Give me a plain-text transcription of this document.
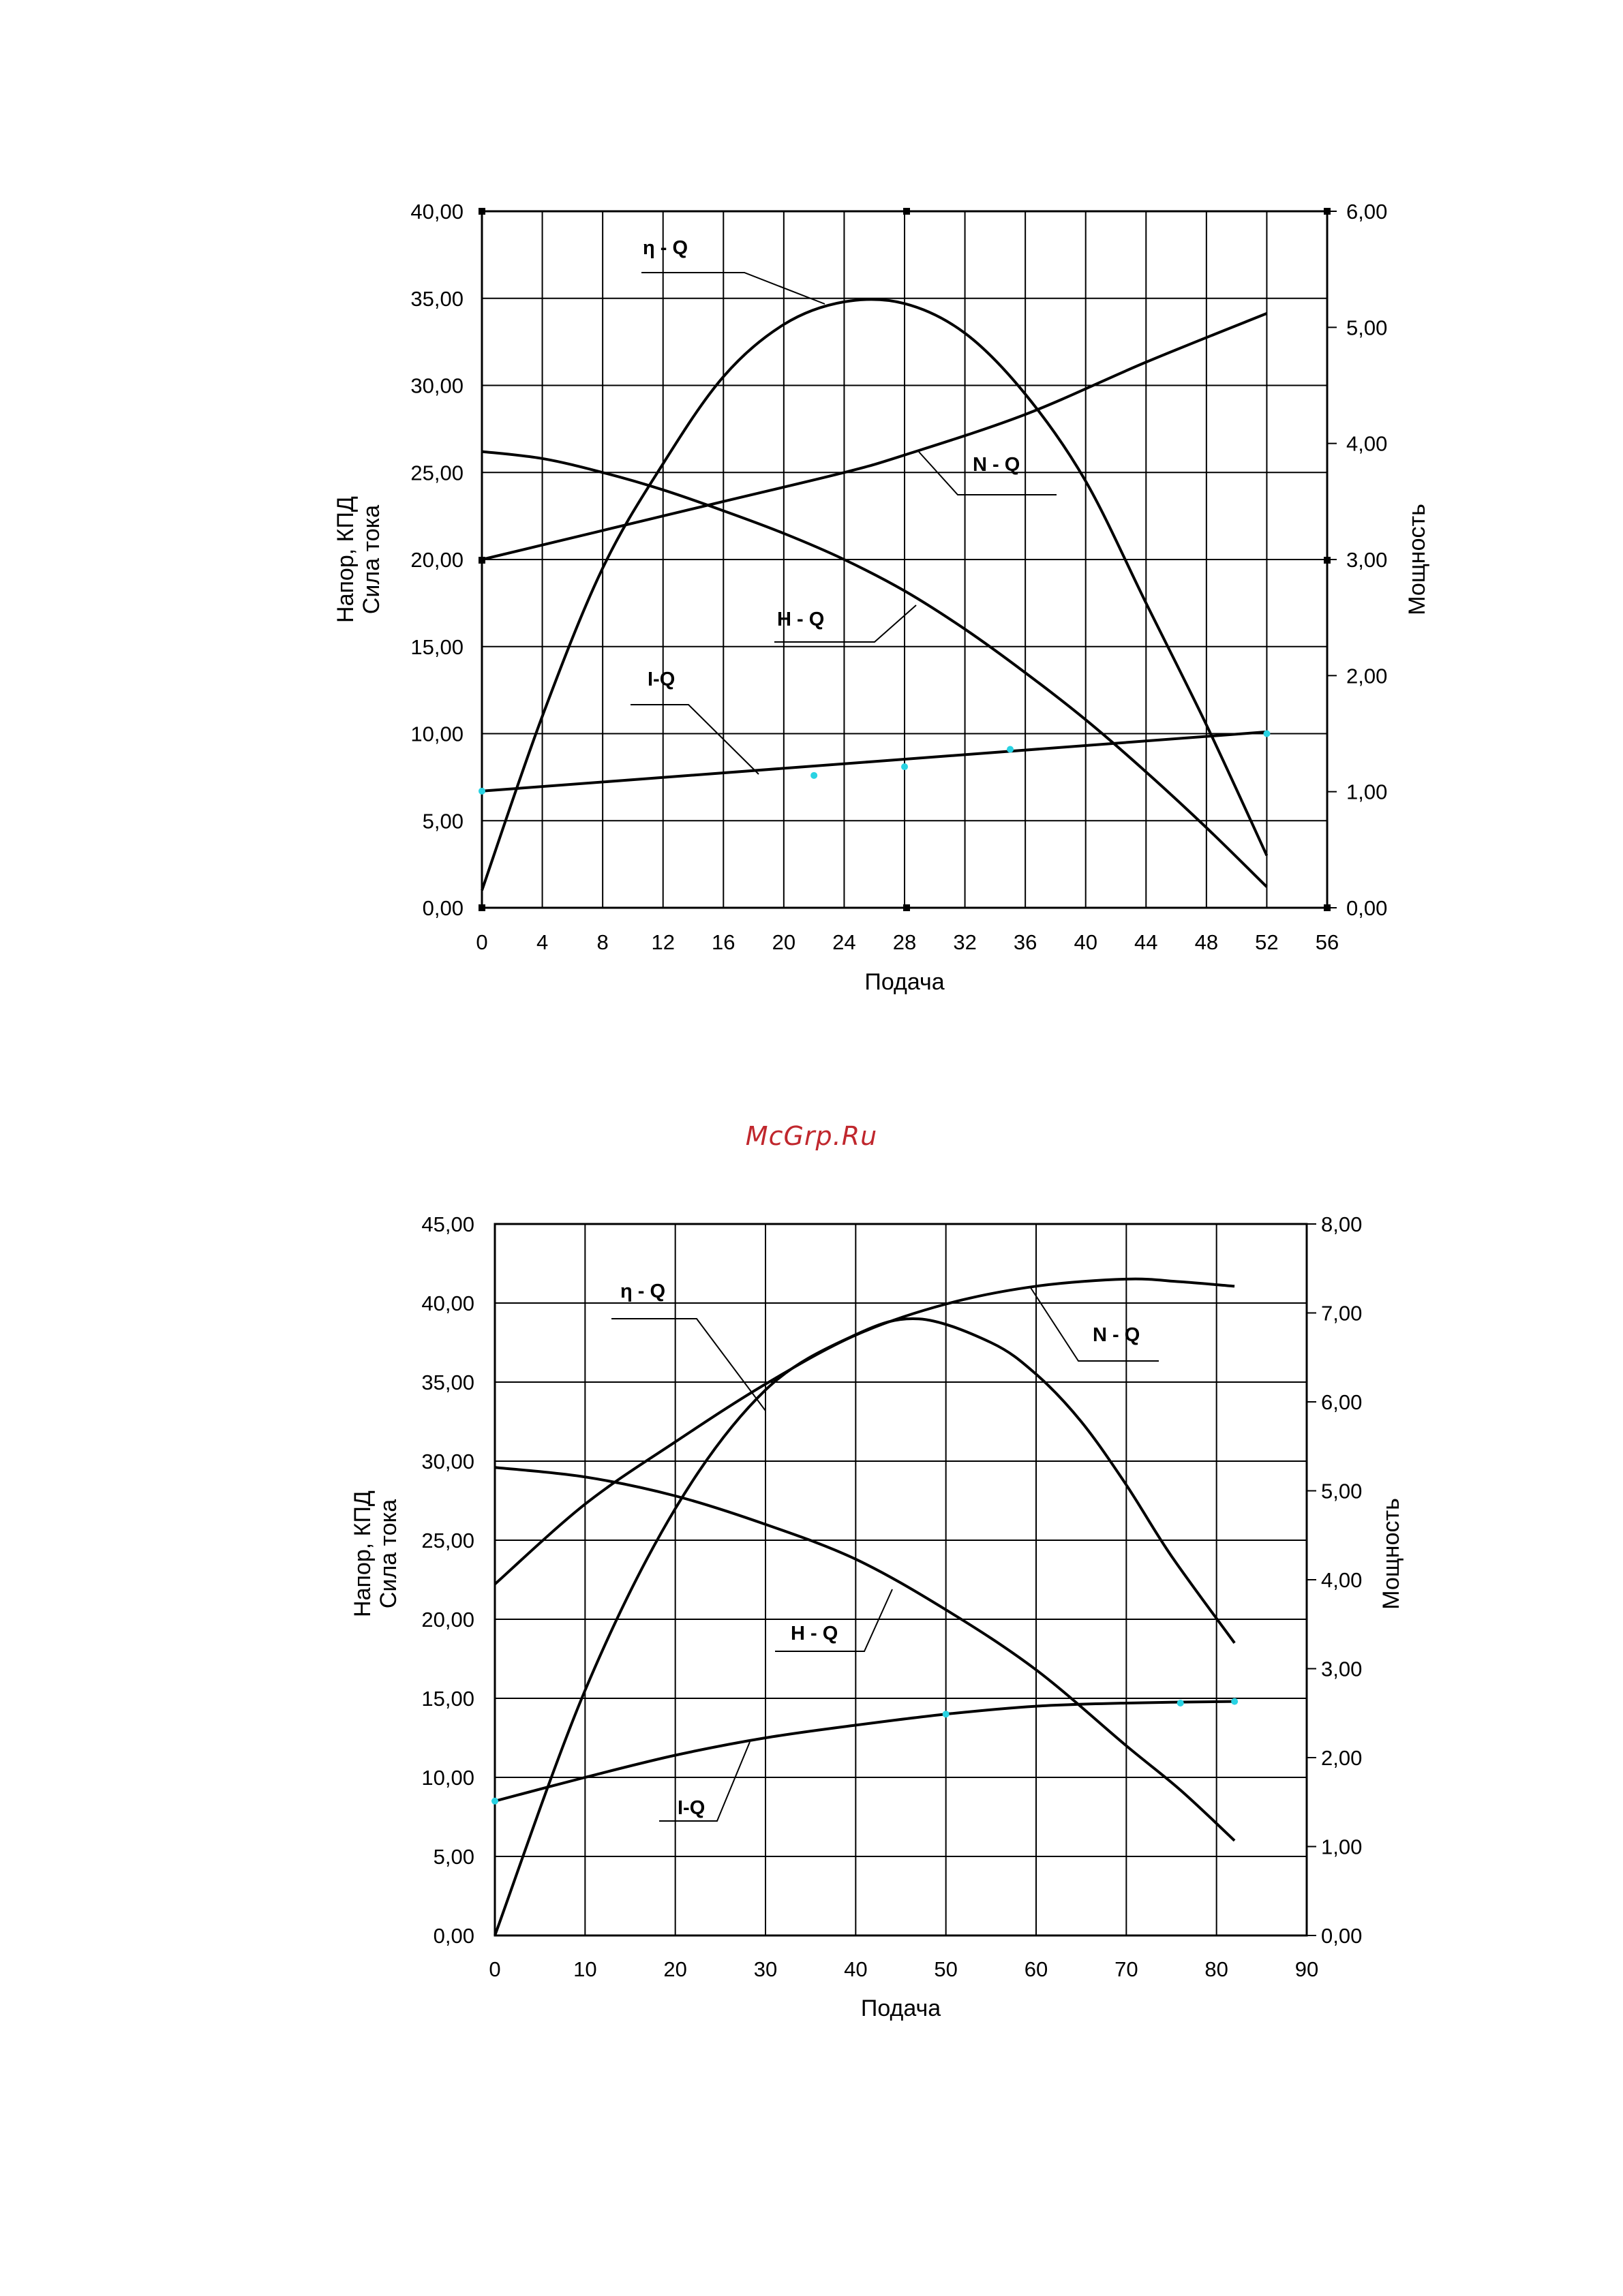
0 4 8 12 16 20 24 28 32 36 40 44 48 52 56
0,00
5,00
10,00
15,00
20,00
25,00
30,00
35,00
40,00
0,00
1,00
2,00
3,00
4,00
5,00
6,00
Подача
Напор, КПД Сила тока	Мощность
η - Q
N - Q
H - Q
I-Q
0	10	20	30	40	50	60	70	80	90
0,00
5,00
10,00
15,00
20,00
25,00
30,00
35,00
40,00
45,00
0,00
1,00
2,00
3,00
4,00
5,00
6,00
7,00
8,00
Подача
Напор, КПД Сила тока	Мощность
η - Q
N - Q
H - Q
I-Q
McGrp.Ru
